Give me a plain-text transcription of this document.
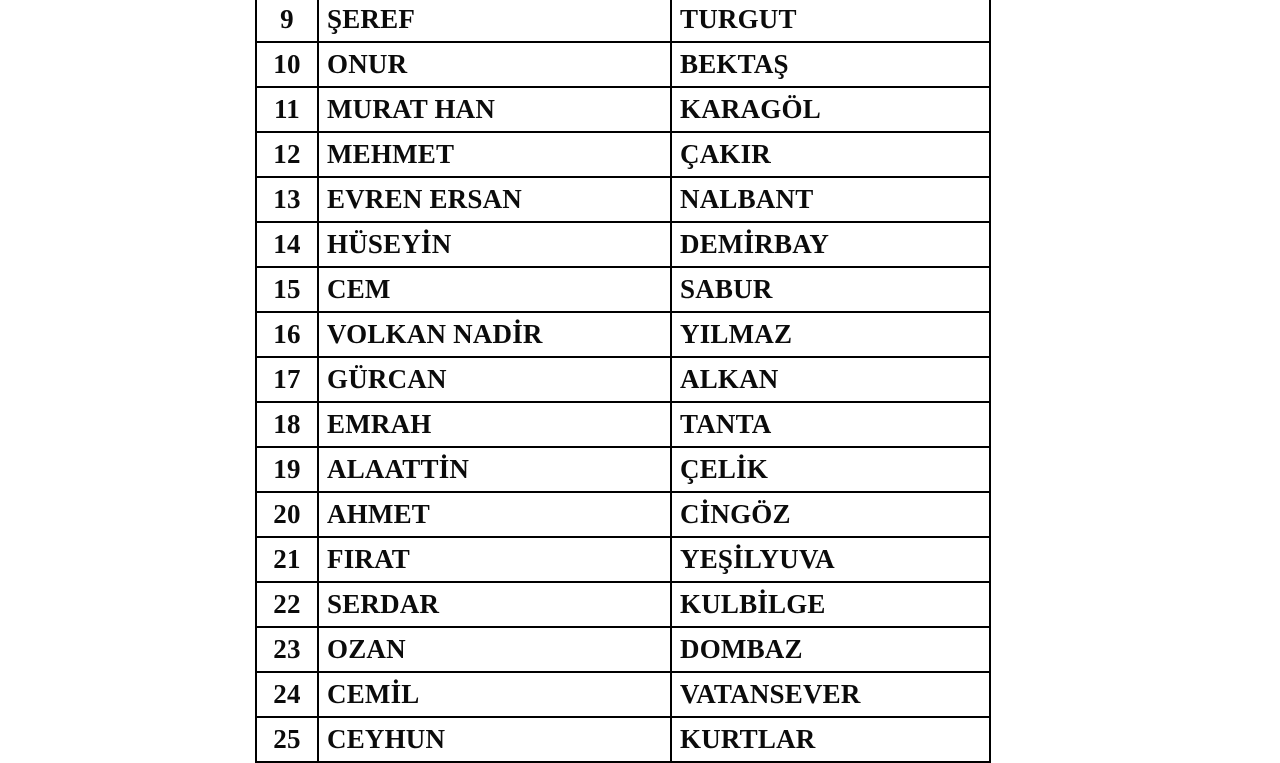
9	ŞEREF	TURGUT
10	ONUR	BEKTAŞ
11	MURAT HAN	KARAGÖL
12	MEHMET	ÇAKIR
13	EVREN ERSAN	NALBANT
14	HÜSEYİN	DEMİRBAY
15	CEM	SABUR
16	VOLKAN NADİR	YILMAZ
17	GÜRCAN	ALKAN
18	EMRAH	TANTA
19	ALAATTİN	ÇELİK
20	AHMET	CİNGÖZ
21	FIRAT	YEŞİLYUVA
22	SERDAR	KULBİLGE
23	OZAN	DOMBAZ
24	CEMİL	VATANSEVER
25	CEYHUN	KURTLAR
